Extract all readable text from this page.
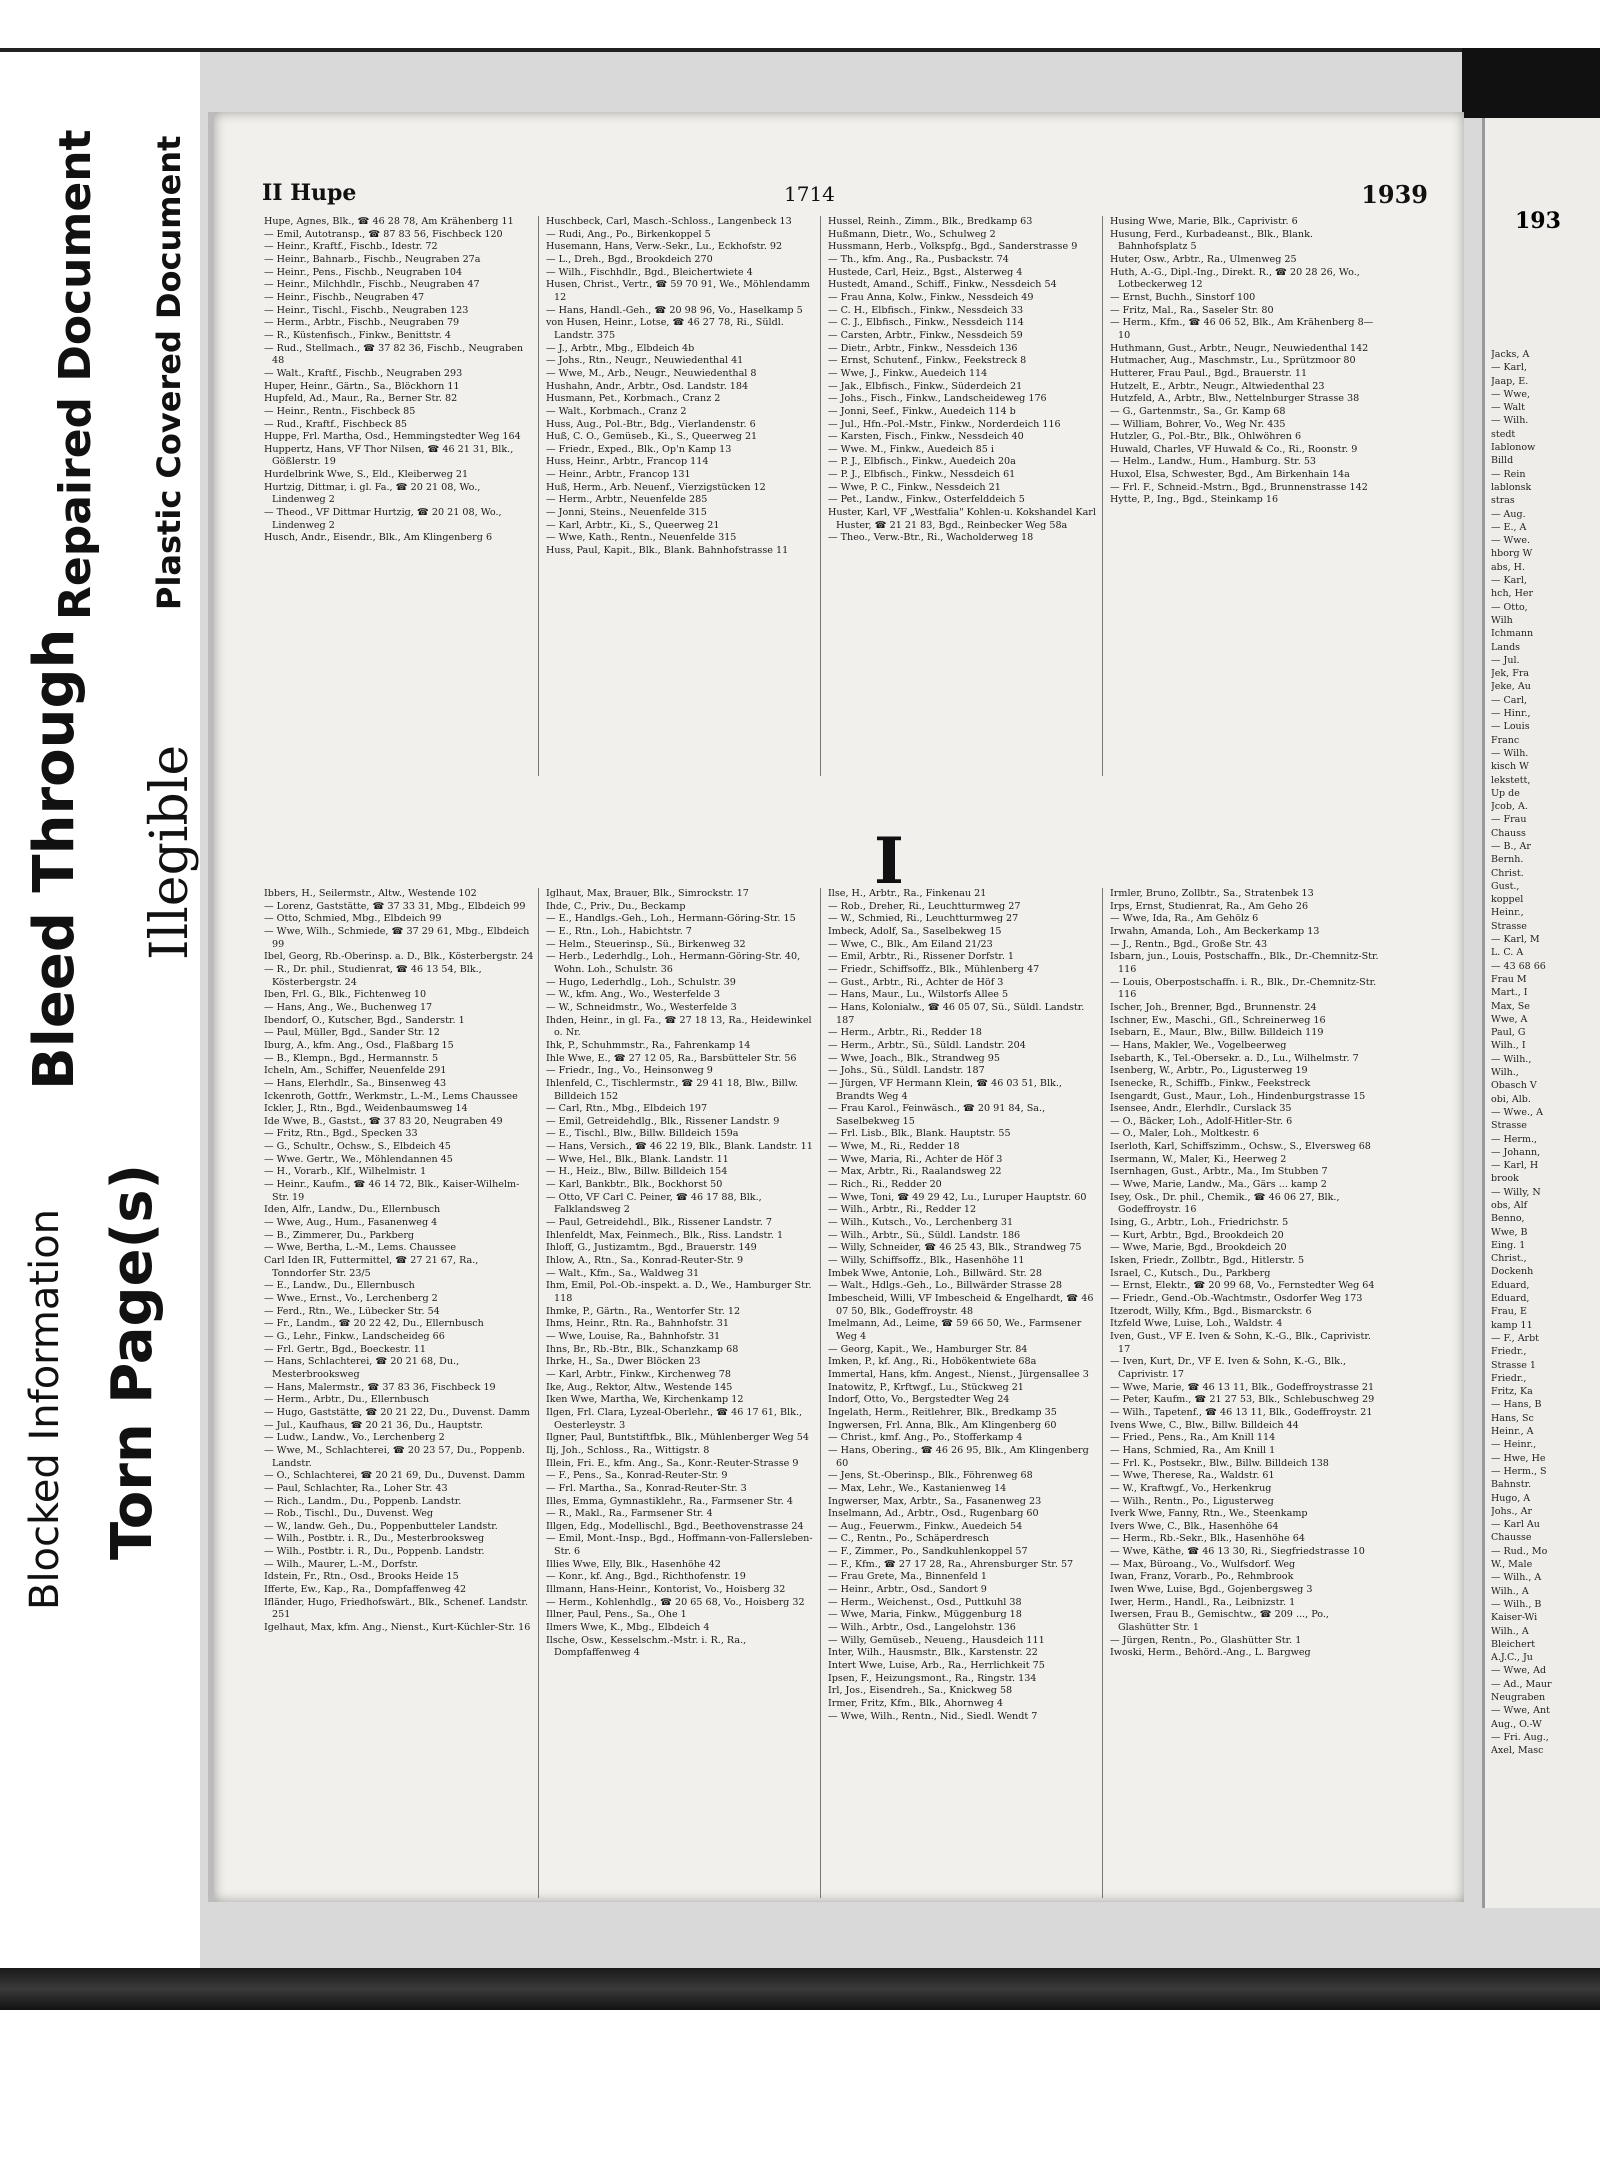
Blocked Information Torn Page(s)
Bleed Through Illegible
Repaired Document Plastic Covered Document	II Hupe	1714	1939
Hupe, Agnes, Blk., ☎ 46 28 78, Am Krähenberg 11
— Emil, Autotransp., ☎ 87 83 56, Fischbeck 120
— Heinr., Kraftf., Fischb., Idestr. 72
— Heinr., Bahnarb., Fischb., Neugraben 27a
— Heinr., Pens., Fischb., Neugraben 104
— Heinr., Milchhdlr., Fischb., Neugraben 47
— Heinr., Fischb., Neugraben 47
— Heinr., Tischl., Fischb., Neugraben 123
— Herm., Arbtr., Fischb., Neugraben 79
— R., Küstenfisch., Finkw., Benittstr. 4
— Rud., Stellmach., ☎ 37 82 36, Fischb., Neugraben 48
— Walt., Kraftf., Fischb., Neugraben 293
Huper, Heinr., Gärtn., Sa., Blöckhorn 11
Hupfeld, Ad., Maur., Ra., Berner Str. 82
— Heinr., Rentn., Fischbeck 85
— Rud., Kraftf., Fischbeck 85
Huppe, Frl. Martha, Osd., Hemmingstedter Weg 164
Huppertz, Hans, VF Thor Nilsen, ☎ 46 21 31, Blk., Gößlerstr. 19
Hurdelbrink Wwe, S., Eld., Kleiberweg 21
Hurtzig, Dittmar, i. gl. Fa., ☎ 20 21 08, Wo., Lindenweg 2
— Theod., VF Dittmar Hurtzig, ☎ 20 21 08, Wo., Lindenweg 2
Husch, Andr., Eisendr., Blk., Am Klingenberg 6
Huschbeck, Carl, Masch.-Schloss., Langenbeck 13
— Rudi, Ang., Po., Birkenkoppel 5
Husemann, Hans, Verw.-Sekr., Lu., Eckhofstr. 92
— L., Dreh., Bgd., Brookdeich 270
— Wilh., Fischhdlr., Bgd., Bleichertwiete 4
Husen, Christ., Vertr., ☎ 59 70 91, We., Möhlendamm 12
— Hans, Handl.-Geh., ☎ 20 98 96, Vo., Haselkamp 5
von Husen, Heinr., Lotse, ☎ 46 27 78, Ri., Süldl. Landstr. 375
— J., Arbtr., Mbg., Elbdeich 4b
— Johs., Rtn., Neugr., Neuwiedenthal 41
— Wwe, M., Arb., Neugr., Neuwiedenthal 8
Hushahn, Andr., Arbtr., Osd. Landstr. 184
Husmann, Pet., Korbmach., Cranz 2
— Walt., Korbmach., Cranz 2
Huss, Aug., Pol.-Btr., Bdg., Vierlandenstr. 6
Huß, C. O., Gemüseb., Ki., S., Queerweg 21
— Friedr., Exped., Blk., Op'n Kamp 13
Huss, Heinr., Arbtr., Francop 114
— Heinr., Arbtr., Francop 131
Huß, Herm., Arb. Neuenf., Vierzigstücken 12
— Herm., Arbtr., Neuenfelde 285
— Jonni, Steins., Neuenfelde 315
— Karl, Arbtr., Ki., S., Queerweg 21
— Wwe, Kath., Rentn., Neuenfelde 315
Huss, Paul, Kapit., Blk., Blank. Bahnhofstrasse 11
Hussel, Reinh., Zimm., Blk., Bredkamp 63
Hußmann, Dietr., Wo., Schulweg 2
Hussmann, Herb., Volkspfg., Bgd., Sanderstrasse 9
— Th., kfm. Ang., Ra., Pusbackstr. 74
Hustede, Carl, Heiz., Bgst., Alsterweg 4
Hustedt, Amand., Schiff., Finkw., Nessdeich 54
— Frau Anna, Kolw., Finkw., Nessdeich 49
— C. H., Elbfisch., Finkw., Nessdeich 33
— C. J., Elbfisch., Finkw., Nessdeich 114
— Carsten, Arbtr., Finkw., Nessdeich 59
— Dietr., Arbtr., Finkw., Nessdeich 136
— Ernst, Schutenf., Finkw., Feekstreck 8
— Wwe, J., Finkw., Auedeich 114
— Jak., Elbfisch., Finkw., Süderdeich 21
— Johs., Fisch., Finkw., Landscheideweg 176
— Jonni, Seef., Finkw., Auedeich 114 b
— Jul., Hfn.-Pol.-Mstr., Finkw., Norderdeich 116
— Karsten, Fisch., Finkw., Nessdeich 40
— Wwe. M., Finkw., Auedeich 85 i
— P. J., Elbfisch., Finkw., Auedeich 20a
— P. J., Elbfisch., Finkw., Nessdeich 61
— Wwe, P. C., Finkw., Nessdeich 21
— Pet., Landw., Finkw., Osterfelddeich 5
Huster, Karl, VF „Westfalia" Kohlen-u. Kokshandel Karl Huster, ☎ 21 21 83, Bgd., Reinbecker Weg 58a
— Theo., Verw.-Btr., Ri., Wacholderweg 18
Husing Wwe, Marie, Blk., Caprivistr. 6
Husung, Ferd., Kurbadeanst., Blk., Blank. Bahnhofsplatz 5
Huter, Osw., Arbtr., Ra., Ulmenweg 25
Huth, A.-G., Dipl.-Ing., Direkt. R., ☎ 20 28 26, Wo., Lotbeckerweg 12
— Ernst, Buchh., Sinstorf 100
— Fritz, Mal., Ra., Saseler Str. 80
— Herm., Kfm., ☎ 46 06 52, Blk., Am Krähenberg 8—10
Huthmann, Gust., Arbtr., Neugr., Neuwiedenthal 142
Hutmacher, Aug., Maschmstr., Lu., Sprützmoor 80
Hutterer, Frau Paul., Bgd., Brauerstr. 11
Hutzelt, E., Arbtr., Neugr., Altwiedenthal 23
Hutzfeld, A., Arbtr., Blw., Nettelnburger Strasse 38
— G., Gartenmstr., Sa., Gr. Kamp 68
— William, Bohrer, Vo., Weg Nr. 435
Hutzler, G., Pol.-Btr., Blk., Ohlwöhren 6
Huwald, Charles, VF Huwald & Co., Ri., Roonstr. 9
— Helm., Landw., Hum., Hamburg. Str. 53
Huxol, Elsa, Schwester, Bgd., Am Birkenhain 14a
— Frl. F., Schneid.-Mstrn., Bgd., Brunnenstrasse 142
Hytte, P., Ing., Bgd., Steinkamp 16
I
Ibbers, H., Seilermstr., Altw., Westende 102
— Lorenz, Gaststätte, ☎ 37 33 31, Mbg., Elbdeich 99
— Otto, Schmied, Mbg., Elbdeich 99
— Wwe, Wilh., Schmiede, ☎ 37 29 61, Mbg., Elbdeich 99
Ibel, Georg, Rb.-Oberinsp. a. D., Blk., Kösterbergstr. 24
— R., Dr. phil., Studienrat, ☎ 46 13 54, Blk., Kösterbergstr. 24
Iben, Frl. G., Blk., Fichtenweg 10
— Hans, Ang., We., Buchenweg 17
Ibendorf, O., Kutscher, Bgd., Sanderstr. 1
— Paul, Müller, Bgd., Sander Str. 12
Iburg, A., kfm. Ang., Osd., Flaßbarg 15
— B., Klempn., Bgd., Hermannstr. 5
Icheln, Am., Schiffer, Neuenfelde 291
— Hans, Elerhdlr., Sa., Binsenweg 43
Ickenroth, Gottfr., Werkmstr., L.-M., Lems Chaussee
Ickler, J., Rtn., Bgd., Weidenbaumsweg 14
Ide Wwe, B., Gastst., ☎ 37 83 20, Neugraben 49
— Fritz, Rtn., Bgd., Specken 33
— G., Schultr., Ochsw., S., Elbdeich 45
— Wwe. Gertr., We., Möhlendannen 45
— H., Vorarb., Klf., Wilhelmistr. 1
— Heinr., Kaufm., ☎ 46 14 72, Blk., Kaiser-Wilhelm-Str. 19
Iden, Alfr., Landw., Du., Ellernbusch
— Wwe, Aug., Hum., Fasanenweg 4
— B., Zimmerer, Du., Parkberg
— Wwe, Bertha, L.-M., Lems. Chaussee
Carl Iden IR, Futtermittel, ☎ 27 21 67, Ra., Tonndorfer Str. 23/5
— E., Landw., Du., Ellernbusch
— Wwe., Ernst., Vo., Lerchenberg 2
— Ferd., Rtn., We., Lübecker Str. 54
— Fr., Landm., ☎ 20 22 42, Du., Ellernbusch
— G., Lehr., Finkw., Landscheideg 66
— Frl. Gertr., Bgd., Boeckestr. 11
— Hans, Schlachterei, ☎ 20 21 68, Du., Mesterbrooksweg
— Hans, Malermstr., ☎ 37 83 36, Fischbeck 19
— Herm., Arbtr., Du., Ellernbusch
— Hugo, Gaststätte, ☎ 20 21 22, Du., Duvenst. Damm
— Jul., Kaufhaus, ☎ 20 21 36, Du., Hauptstr.
— Ludw., Landw., Vo., Lerchenberg 2
— Wwe, M., Schlachterei, ☎ 20 23 57, Du., Poppenb. Landstr.
— O., Schlachterei, ☎ 20 21 69, Du., Duvenst. Damm
— Paul, Schlachter, Ra., Loher Str. 43
— Rich., Landm., Du., Poppenb. Landstr.
— Rob., Tischl., Du., Duvenst. Weg
— W., landw. Geh., Du., Poppenbutteler Landstr.
— Wilh., Postbtr. i. R., Du., Mesterbrooksweg
— Wilh., Postbtr. i. R., Du., Poppenb. Landstr.
— Wilh., Maurer, L.-M., Dorfstr.
Idstein, Fr., Rtn., Osd., Brooks Heide 15
Ifferte, Ew., Kap., Ra., Dompfaffenweg 42
Ifländer, Hugo, Friedhofswärt., Blk., Schenef. Landstr. 251
Igelhaut, Max, kfm. Ang., Nienst., Kurt-Küchler-Str. 16
Iglhaut, Max, Brauer, Blk., Simrockstr. 17
Ihde, C., Priv., Du., Beckamp
— E., Handlgs.-Geh., Loh., Hermann-Göring-Str. 15
— E., Rtn., Loh., Habichtstr. 7
— Helm., Steuerinsp., Sü., Birkenweg 32
— Herb., Lederhdlg., Loh., Hermann-Göring-Str. 40, Wohn. Loh., Schulstr. 36
— Hugo, Lederhdlg., Loh., Schulstr. 39
— W., kfm. Ang., Wo., Westerfelde 3
— W., Schneidmstr., Wo., Westerfelde 3
Ihden, Heinr., in gl. Fa., ☎ 27 18 13, Ra., Heidewinkel o. Nr.
Ihk, P., Schuhmmstr., Ra., Fahrenkamp 14
Ihle Wwe, E., ☎ 27 12 05, Ra., Barsbütteler Str. 56
— Friedr., Ing., Vo., Heinsonweg 9
Ihlenfeld, C., Tischlermstr., ☎ 29 41 18, Blw., Billw. Billdeich 152
— Carl, Rtn., Mbg., Elbdeich 197
— Emil, Getreidehdlg., Blk., Rissener Landstr. 9
— E., Tischl., Blw., Billw. Billdeich 159a
— Hans, Versich., ☎ 46 22 19, Blk., Blank. Landstr. 11
— Wwe, Hel., Blk., Blank. Landstr. 11
— H., Heiz., Blw., Billw. Billdeich 154
— Karl, Bankbtr., Blk., Bockhorst 50
— Otto, VF Carl C. Peiner, ☎ 46 17 88, Blk., Falklandsweg 2
— Paul, Getreidehdl., Blk., Rissener Landstr. 7
Ihlenfeldt, Max, Feinmech., Blk., Riss. Landstr. 1
Ihloff, G., Justizamtm., Bgd., Brauerstr. 149
Ihlow, A., Rtn., Sa., Konrad-Reuter-Str. 9
— Walt., Kfm., Sa., Waldweg 31
Ihm, Emil, Pol.-Ob.-inspekt. a. D., We., Hamburger Str. 118
Ihmke, P., Gärtn., Ra., Wentorfer Str. 12
Ihms, Heinr., Rtn. Ra., Bahnhofstr. 31
— Wwe, Louise, Ra., Bahnhofstr. 31
Ihns, Br., Rb.-Btr., Blk., Schanzkamp 68
Ihrke, H., Sa., Dwer Blöcken 23
— Karl, Arbtr., Finkw., Kirchenweg 78
Ike, Aug., Rektor, Altw., Westende 145
Iken Wwe, Martha, We, Kirchenkamp 12
Ilgen, Frl. Clara, Lyzeal-Oberlehr., ☎ 46 17 61, Blk., Oesterleystr. 3
Ilgner, Paul, Buntstiftfbk., Blk., Mühlenberger Weg 54
Ilj, Joh., Schloss., Ra., Wittigstr. 8
Illein, Fri. E., kfm. Ang., Sa., Konr.-Reuter-Strasse 9
— F., Pens., Sa., Konrad-Reuter-Str. 9
— Frl. Martha., Sa., Konrad-Reuter-Str. 3
Illes, Emma, Gymnastiklehr., Ra., Farmsener Str. 4
— R., Makl., Ra., Farmsener Str. 4
Illgen, Edg., Modellischl., Bgd., Beethovenstrasse 24
— Emil, Mont.-Insp., Bgd., Hoffmann-von-Fallersleben-Str. 6
Illies Wwe, Elly, Blk., Hasenhöhe 42
— Konr., kf. Ang., Bgd., Richthofenstr. 19
Illmann, Hans-Heinr., Kontorist, Vo., Hoisberg 32
— Herm., Kohlenhdlg., ☎ 20 65 68, Vo., Hoisberg 32
Illner, Paul, Pens., Sa., Ohe 1
Ilmers Wwe, K., Mbg., Elbdeich 4
Ilsche, Osw., Kesselschm.-Mstr. i. R., Ra., Dompfaffenweg 4
Ilse, H., Arbtr., Ra., Finkenau 21
— Rob., Dreher, Ri., Leuchtturmweg 27
— W., Schmied, Ri., Leuchtturmweg 27
Imbeck, Adolf, Sa., Saselbekweg 15
— Wwe, C., Blk., Am Eiland 21/23
— Emil, Arbtr., Ri., Rissener Dorfstr. 1
— Friedr., Schiffsoffz., Blk., Mühlenberg 47
— Gust., Arbtr., Ri., Achter de Höf 3
— Hans, Maur., Lu., Wilstorfs Allee 5
— Hans, Kolonialw., ☎ 46 05 07, Sü., Süldl. Landstr. 187
— Herm., Arbtr., Ri., Redder 18
— Herm., Arbtr., Sü., Süldl. Landstr. 204
— Wwe, Joach., Blk., Strandweg 95
— Johs., Sü., Süldl. Landstr. 187
— Jürgen, VF Hermann Klein, ☎ 46 03 51, Blk., Brandts Weg 4
— Frau Karol., Feinwäsch., ☎ 20 91 84, Sa., Saselbekweg 15
— Frl. Lisb., Blk., Blank. Hauptstr. 55
— Wwe, M., Ri., Redder 18
— Wwe, Maria, Ri., Achter de Höf 3
— Max, Arbtr., Ri., Raalandsweg 22
— Rich., Ri., Redder 20
— Wwe, Toni, ☎ 49 29 42, Lu., Luruper Hauptstr. 60
— Wilh., Arbtr., Ri., Redder 12
— Wilh., Kutsch., Vo., Lerchenberg 31
— Wilh., Arbtr., Sü., Süldl. Landstr. 186
— Willy, Schneider, ☎ 46 25 43, Blk., Strandweg 75
— Willy, Schiffsoffz., Blk., Hasenhöhe 11
Imbek Wwe, Antonie, Loh., Billwärd. Str. 28
— Walt., Hdlgs.-Geh., Lo., Billwärder Strasse 28
Imbescheid, Willi, VF Imbescheid & Engelhardt, ☎ 46 07 50, Blk., Godeffroystr. 48
Imelmann, Ad., Leime, ☎ 59 66 50, We., Farmsener Weg 4
— Georg, Kapit., We., Hamburger Str. 84
Imken, P., kf. Ang., Ri., Hobökentwiete 68a
Immertal, Hans, kfm. Angest., Nienst., Jürgensallee 3
Inatowitz, P., Krftwgf., Lu., Stückweg 21
Indorf, Otto, Vo., Bergstedter Weg 24
Ingelath, Herm., Reitlehrer, Blk., Bredkamp 35
Ingwersen, Frl. Anna, Blk., Am Klingenberg 60
— Christ., kmf. Ang., Po., Stofferkamp 4
— Hans, Obering., ☎ 46 26 95, Blk., Am Klingenberg 60
— Jens, St.-Oberinsp., Blk., Föhrenweg 68
— Max, Lehr., We., Kastanienweg 14
Ingwerser, Max, Arbtr., Sa., Fasanenweg 23
Inselmann, Ad., Arbtr., Osd., Rugenbarg 60
— Aug., Feuerwm., Finkw., Auedeich 54
— C., Rentn., Po., Schäperdresch
— F., Zimmer., Po., Sandkuhlenkoppel 57
— F., Kfm., ☎ 27 17 28, Ra., Ahrensburger Str. 57
— Frau Grete, Ma., Binnenfeld 1
— Heinr., Arbtr., Osd., Sandort 9
— Herm., Weichenst., Osd., Puttkuhl 38
— Wwe, Maria, Finkw., Müggenburg 18
— Wilh., Arbtr., Osd., Langelohstr. 136
— Willy, Gemüseb., Neueng., Hausdeich 111
Inter, Wilh., Hausmstr., Blk., Karstenstr. 22
Intert Wwe, Luise, Arb., Ra., Herrlichkeit 75
Ipsen, F., Heizungsmont., Ra., Ringstr. 134
Irl, Jos., Eisendreh., Sa., Knickweg 58
Irmer, Fritz, Kfm., Blk., Ahornweg 4
— Wwe, Wilh., Rentn., Nid., Siedl. Wendt 7
Irmler, Bruno, Zollbtr., Sa., Stratenbek 13
Irps, Ernst, Studienrat, Ra., Am Geho 26
— Wwe, Ida, Ra., Am Gehölz 6
Irwahn, Amanda, Loh., Am Beckerkamp 13
— J., Rentn., Bgd., Große Str. 43
Isbarn, jun., Louis, Postschaffn., Blk., Dr.-Chemnitz-Str. 116
— Louis, Oberpostschaffn. i. R., Blk., Dr.-Chemnitz-Str. 116
Ischer, Joh., Brenner, Bgd., Brunnenstr. 24
Ischner, Ew., Maschi., Gfl., Schreinerweg 16
Isebarn, E., Maur., Blw., Billw. Billdeich 119
— Hans, Makler, We., Vogelbeerweg
Isebarth, K., Tel.-Obersekr. a. D., Lu., Wilhelmstr. 7
Isenberg, W., Arbtr., Po., Ligusterweg 19
Isenecke, R., Schiffb., Finkw., Feekstreck
Isengardt, Gust., Maur., Loh., Hindenburgstrasse 15
Isensee, Andr., Elerhdlr., Curslack 35
— O., Bäcker, Loh., Adolf-Hitler-Str. 6
— O., Maler, Loh., Moltkestr. 6
Iserloth, Karl, Schiffszimm., Ochsw., S., Elversweg 68
Isermann, W., Maler, Ki., Heerweg 2
Isernhagen, Gust., Arbtr., Ma., Im Stubben 7
— Wwe, Marie, Landw., Ma., Gärs ... kamp 2
Isey, Osk., Dr. phil., Chemik., ☎ 46 06 27, Blk., Godeffroystr. 16
Ising, G., Arbtr., Loh., Friedrichstr. 5
— Kurt, Arbtr., Bgd., Brookdeich 20
— Wwe, Marie, Bgd., Brookdeich 20
Isken, Friedr., Zollbtr., Bgd., Hitlerstr. 5
Israel, C., Kutsch., Du., Parkberg
— Ernst, Elektr., ☎ 20 99 68, Vo., Fernstedter Weg 64
— Friedr., Gend.-Ob.-Wachtmstr., Osdorfer Weg 173
Itzerodt, Willy, Kfm., Bgd., Bismarckstr. 6
Itzfeld Wwe, Luise, Loh., Waldstr. 4
Iven, Gust., VF E. Iven & Sohn, K.-G., Blk., Caprivistr. 17
— Iven, Kurt, Dr., VF E. Iven & Sohn, K.-G., Blk., Caprivistr. 17
— Wwe, Marie, ☎ 46 13 11, Blk., Godeffroystrasse 21
— Peter, Kaufm., ☎ 21 27 53, Blk., Schlebuschweg 29
— Wilh., Tapetenf., ☎ 46 13 11, Blk., Godeffroystr. 21
Ivens Wwe, C., Blw., Billw. Billdeich 44
— Fried., Pens., Ra., Am Knill 114
— Hans, Schmied, Ra., Am Knill 1
— Frl. K., Postsekr., Blw., Billw. Billdeich 138
— Wwe, Therese, Ra., Waldstr. 61
— W., Kraftwgf., Vo., Herkenkrug
— Wilh., Rentn., Po., Ligusterweg
Iverk Wwe, Fanny, Rtn., We., Steenkamp
Ivers Wwe, C., Blk., Hasenhöhe 64
— Herm., Rb.-Sekr., Blk., Hasenhöhe 64
— Wwe, Käthe, ☎ 46 13 30, Ri., Siegfriedstrasse 10
— Max, Büroang., Vo., Wulfsdorf. Weg
Iwan, Franz, Vorarb., Po., Rehmbrook
Iwen Wwe, Luise, Bgd., Gojenbergsweg 3
Iwer, Herm., Handl., Ra., Leibnizstr. 1
Iwersen, Frau B., Gemischtw., ☎ 209 ..., Po., Glashütter Str. 1
— Jürgen, Rentn., Po., Glashütter Str. 1
Iwoski, Herm., Behörd.-Ang., L. Bargweg
193
Jacks, A
— Karl,
Jaap, E.
— Wwe,
— Walt
— Wilh.
stedt
Iablonow
Billd
— Rein
lablonsk
stras
— Aug.
— E., A
— Wwe.
hborg W
abs, H.
— Karl,
hch, Her
— Otto,
Wilh
Ichmann
Lands
— Jul.
Jek, Fra
Jeke, Au
— Carl,
— Hinr.,
— Louis
Franc
— Wilh.
kisch W
lekstett,
Up de
Jcob, A.
— Frau
Chauss
— B., Ar
Bernh.
Christ.
Gust.,
koppel
Heinr.,
Strasse
— Karl, M
L. C. A
— 43 68 66
Frau M
Mart., I
Max, Se
Wwe, A
Paul, G
Wilh., I
— Wilh.,
Wilh.,
Obasch V
obi, Alb.
— Wwe., A
Strasse
— Herm.,
— Johann,
— Karl, H
brook
— Willy, N
obs, Alf
Benno,
Wwe, B
Eing. 1
Christ.,
Dockenh
Eduard,
Eduard,
Frau, E
kamp 11
— F., Arbt
Friedr.,
Strasse 1
Friedr.,
Fritz, Ka
— Hans, B
Hans, Sc
Heinr., A
— Heinr.,
— Hwe, He
— Herm., S
Bahnstr.
Hugo, A
Johs., Ar
— Karl Au
Chausse
— Rud., Mo
W., Male
— Wilh., A
Wilh., A
— Wilh., B
Kaiser-Wi
Wilh., A
Bleichert
A.J.C., Ju
— Wwe, Ad
— Ad., Maur
Neugraben
— Wwe, Ant
Aug., O.-W
— Fri. Aug.,
Axel, Masc
